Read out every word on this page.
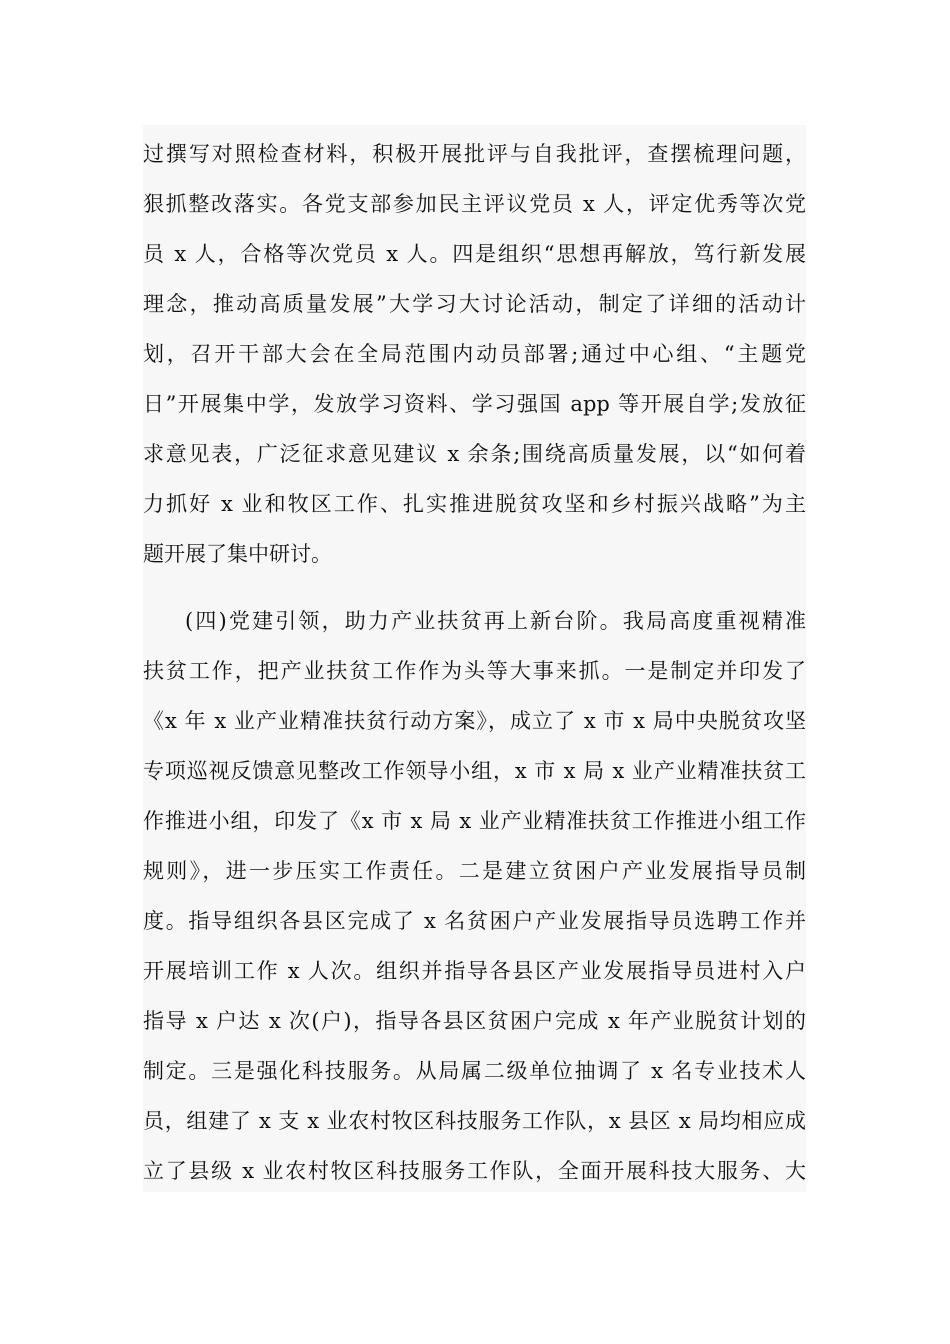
过撰写对照检查材料，积极开展批评与自我批评，查摆梳理问题，
狠抓整改落实。各党支部参加民主评议党员 x 人，评定优秀等次党
员 x 人，合格等次党员 x 人。四是组织“思想再解放，笃行新发展
理念，推动高质量发展”大学习大讨论活动，制定了详细的活动计
划，召开干部大会在全局范围内动员部署;通过中心组、“主题党
日”开展集中学，发放学习资料、学习强国 app 等开展自学;发放征
求意见表，广泛征求意见建议 x 余条;围绕高质量发展，以“如何着
力抓好 x 业和牧区工作、扎实推进脱贫攻坚和乡村振兴战略”为主
题开展了集中研讨。
(四)党建引领，助力产业扶贫再上新台阶。我局高度重视精准
扶贫工作，把产业扶贫工作作为头等大事来抓。一是制定并印发了
《x 年 x 业产业精准扶贫行动方案》，成立了 x 市 x 局中央脱贫攻坚
专项巡视反馈意见整改工作领导小组，x 市 x 局 x 业产业精准扶贫工
作推进小组，印发了《x 市 x 局 x 业产业精准扶贫工作推进小组工作
规则》，进一步压实工作责任。二是建立贫困户产业发展指导员制
度。指导组织各县区完成了 x 名贫困户产业发展指导员选聘工作并
开展培训工作 x 人次。组织并指导各县区产业发展指导员进村入户
指导 x 户达 x 次(户)，指导各县区贫困户完成 x 年产业脱贫计划的
制定。三是强化科技服务。从局属二级单位抽调了 x 名专业技术人
员，组建了 x 支 x 业农村牧区科技服务工作队，x 县区 x 局均相应成
立了县级 x 业农村牧区科技服务工作队，全面开展科技大服务、大
